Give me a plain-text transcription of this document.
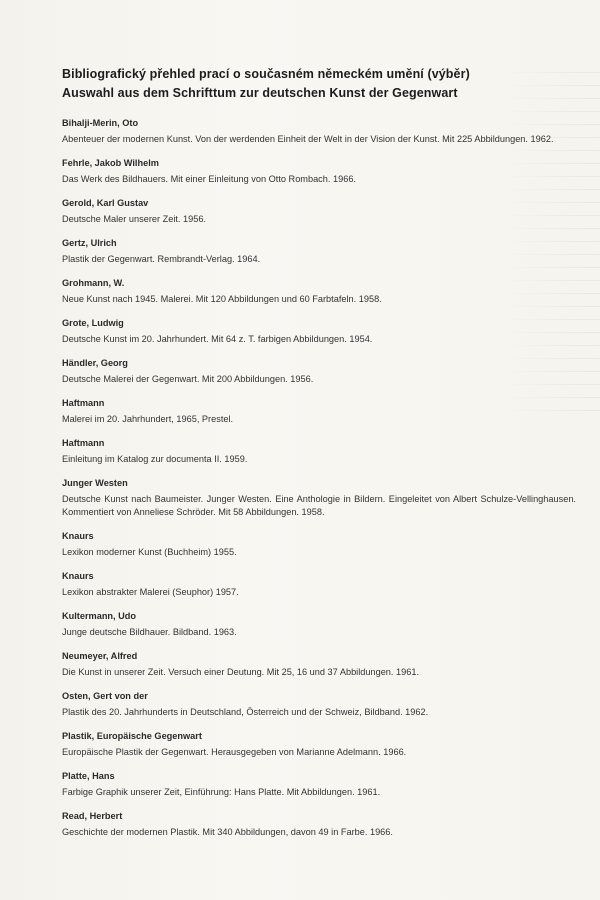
Bibliografický přehled prací o současném německém umění (výběr)
Auswahl aus dem Schrifttum zur deutschen Kunst der Gegenwart
Bihalji-Merin, Oto
Abenteuer der modernen Kunst. Von der werdenden Einheit der Welt in der Vision der Kunst. Mit 225 Abbildungen. 1962.
Fehrle, Jakob Wilhelm
Das Werk des Bildhauers. Mit einer Einleitung von Otto Rombach. 1966.
Gerold, Karl Gustav
Deutsche Maler unserer Zeit. 1956.
Gertz, Ulrich
Plastik der Gegenwart. Rembrandt-Verlag. 1964.
Grohmann, W.
Neue Kunst nach 1945. Malerei. Mit 120 Abbildungen und 60 Farbtafeln. 1958.
Grote, Ludwig
Deutsche Kunst im 20. Jahrhundert. Mit 64 z. T. farbigen Abbildungen. 1954.
Händler, Georg
Deutsche Malerei der Gegenwart. Mit 200 Abbildungen. 1956.
Haftmann
Malerei im 20. Jahrhundert, 1965, Prestel.
Haftmann
Einleitung im Katalog zur documenta II. 1959.
Junger Westen
Deutsche Kunst nach Baumeister. Junger Westen. Eine Anthologie in Bildern. Eingeleitet von Albert Schulze-Vellinghausen. Kommentiert von Anneliese Schröder. Mit 58 Abbildungen. 1958.
Knaurs
Lexikon moderner Kunst (Buchheim) 1955.
Knaurs
Lexikon abstrakter Malerei (Seuphor) 1957.
Kultermann, Udo
Junge deutsche Bildhauer. Bildband. 1963.
Neumeyer, Alfred
Die Kunst in unserer Zeit. Versuch einer Deutung. Mit 25, 16 und 37 Abbildungen. 1961.
Osten, Gert von der
Plastik des 20. Jahrhunderts in Deutschland, Österreich und der Schweiz, Bildband. 1962.
Plastik, Europäische Gegenwart
Europäische Plastik der Gegenwart. Herausgegeben von Marianne Adelmann. 1966.
Platte, Hans
Farbige Graphik unserer Zeit, Einführung: Hans Platte. Mit Abbildungen. 1961.
Read, Herbert
Geschichte der modernen Plastik. Mit 340 Abbildungen, davon 49 in Farbe. 1966.
